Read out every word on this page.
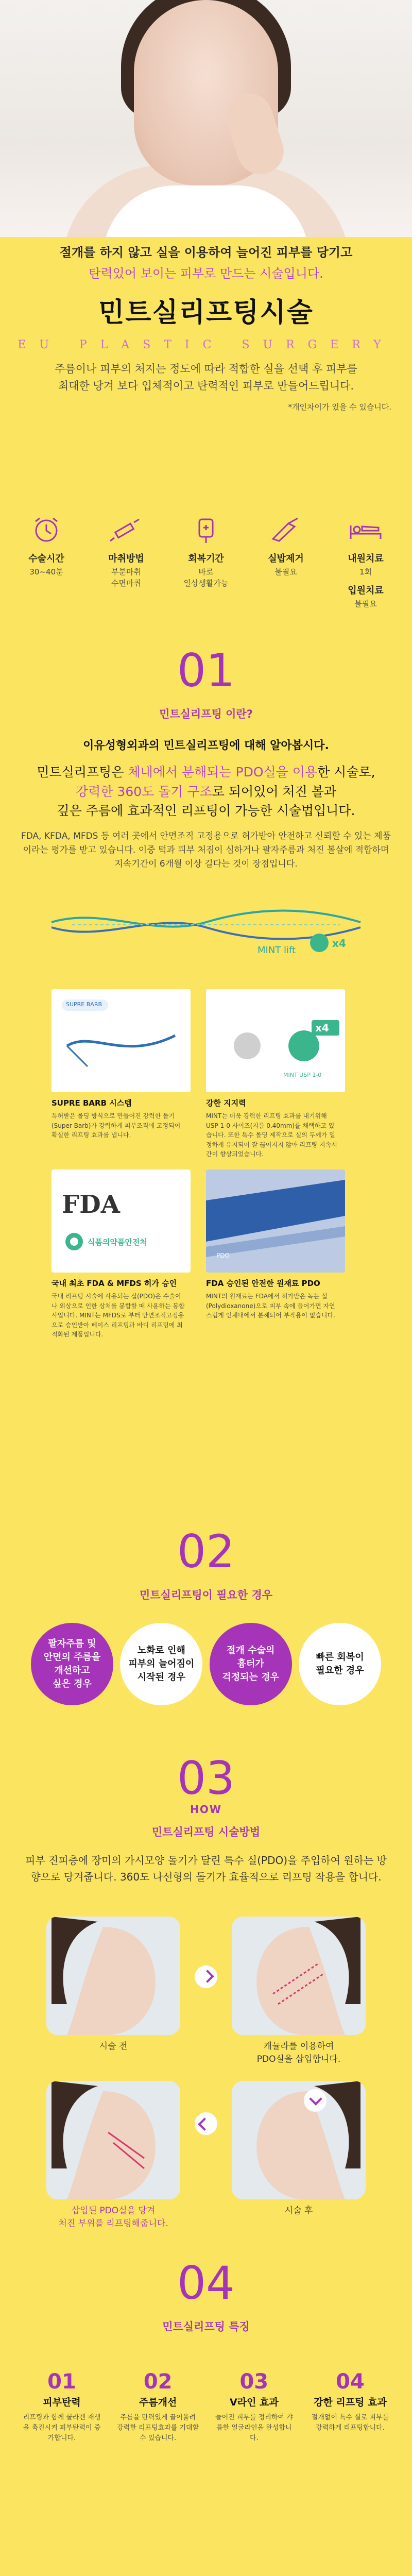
절개를 하지 않고 실을 이용하여 늘어진 피부를 당기고
탄력있어 보이는 피부로 만드는 시술입니다.
민트실리프팅시술
EU PLASTIC SURGERY
주름이나 피부의 처지는 정도에 따라 적합한 실을 선택 후 피부를
최대한 당겨 보다 입체적이고 탄력적인 피부로 만들어드립니다.
*개인차이가 있을 수 있습니다.
수술시간
30~40분
마취방법
부분마취
수면마취
회복기간
바로
일상생활가능
실밥제거
불필요
내원치료
1회
입원치료
불필요
01
민트실리프팅 이란?
이유성형외과의 민트실리프팅에 대해 알아봅시다.
민트실리프팅은 체내에서 분해되는 PDO실을 이용한 시술로,
강력한 360도 돌기 구조로 되어있어 처진 볼과
깊은 주름에 효과적인 리프팅이 가능한 시술법입니다.
FDA, KFDA, MFDS 등 여러 곳에서 안면조직 고정용으로 허가받아 안전하고 신뢰할 수 있는 제품이라는 평가를 받고 있습니다. 이중 턱과 피부 처짐이 심하거나 팔자주름과 처진 볼살에 적합하며 지속기간이 6개월 이상 길다는 것이 장점입니다.
MINT lift
x4
SUPRE BARB
SUPRE BARB 시스템
특허받은 몰딩 방식으로 만들어진 강력한 돌기(Super Barb)가 강력하게 피부조직에 고정되어 확실한 리프팅 효과를 냅니다.
x4
MINT USP 1-0
강한 지지력
MINT는 더욱 강력한 리프팅 효과를 내기위해 USP 1-0 사이즈(지름 0.40mm)를 채택하고 있습니다. 또한 특수 몰딩 제작으로 실의 두께가 일정하게 유지되어 잘 끊어지지 않아 리프팅 지속시간이 향상되었습니다.
FDA
식품의약품안전처
국내 최초 FDA & MFDS 허가 승인
국내 리프팅 시술에 사용되는 실(PDO)은 수술이나 외상으로 인한 상처를 봉합할 때 사용하는 봉합사입니다. MINT는 MFDS로 부터 안면조직고정용으로 승인받아 페이스 리프팅과 바디 리프팅에 최적화된 제품입니다.
PDO
FDA 승인된 안전한 원재료 PDO
MINT의 원재료는 FDA에서 허가받은 녹는 실 (Polydioxanone)으로 피부 속에 들어가면 자연스럽게 인체내에서 분해되어 부작용이 없습니다.
02
민트실리프팅이 필요한 경우
팔자주름 및
안면의 주름을
개선하고
싶은 경우
노화로 인해
피부의 늘어짐이
시작된 경우
절개 수술의
흉터가
걱정되는 경우
빠른 회복이
필요한 경우
03
HOW
민트실리프팅 시술방법
피부 진피층에 장미의 가시모양 돌기가 달린 특수 실(PDO)을 주입하여 원하는 방향으로 당겨줍니다. 360도 나선형의 돌기가 효율적으로 리프팅 작용을 합니다.
시술 전	캐뉼라를 이용하여
PDO실을 삽입합니다.
삽입된 PDO실을 당겨
처진 부위를 리프팅해줍니다.
시술 후
04
민트실리프팅 특징
01
피부탄력
리프팅과 함께 콜라겐 재생을 촉진시켜 피부탄력이 증가합니다.
02
주름개선
주름을 탄력있게 끌어올려 강력한 리프팅효과를 기대할 수 있습니다.
03
V라인 효과
늘어진 피부를 정리하여 갸름한 얼굴라인을 완성합니다.
04
강한 리프팅 효과
절개없이 특수 실로 피부를 강력하게 리프팅합니다.
